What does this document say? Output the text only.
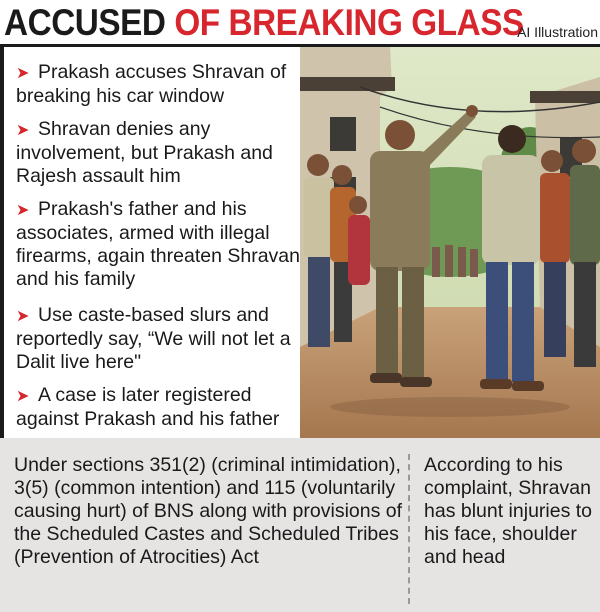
ACCUSED OF BREAKING GLASS
AI Illustration
➤ Prakash accuses Shravan of breaking his car window
➤ Shravan denies any involvement, but Prakash and Rajesh assault him
➤ Prakash's father and his associates, armed with illegal firearms, again threaten Shravan and his family
➤ Use caste-based slurs and reportedly say, “We will not let a Dalit live here"
➤ A case is later registered against Prakash and his father
Under sections 351(2) (criminal intimidation), 3(5) (common intention) and 115 (voluntarily causing hurt) of BNS along with provisions of the Scheduled Castes and Scheduled Tribes (Prevention of Atrocities) Act
According to his complaint, Shravan has blunt injuries to his face, shoulder and head
